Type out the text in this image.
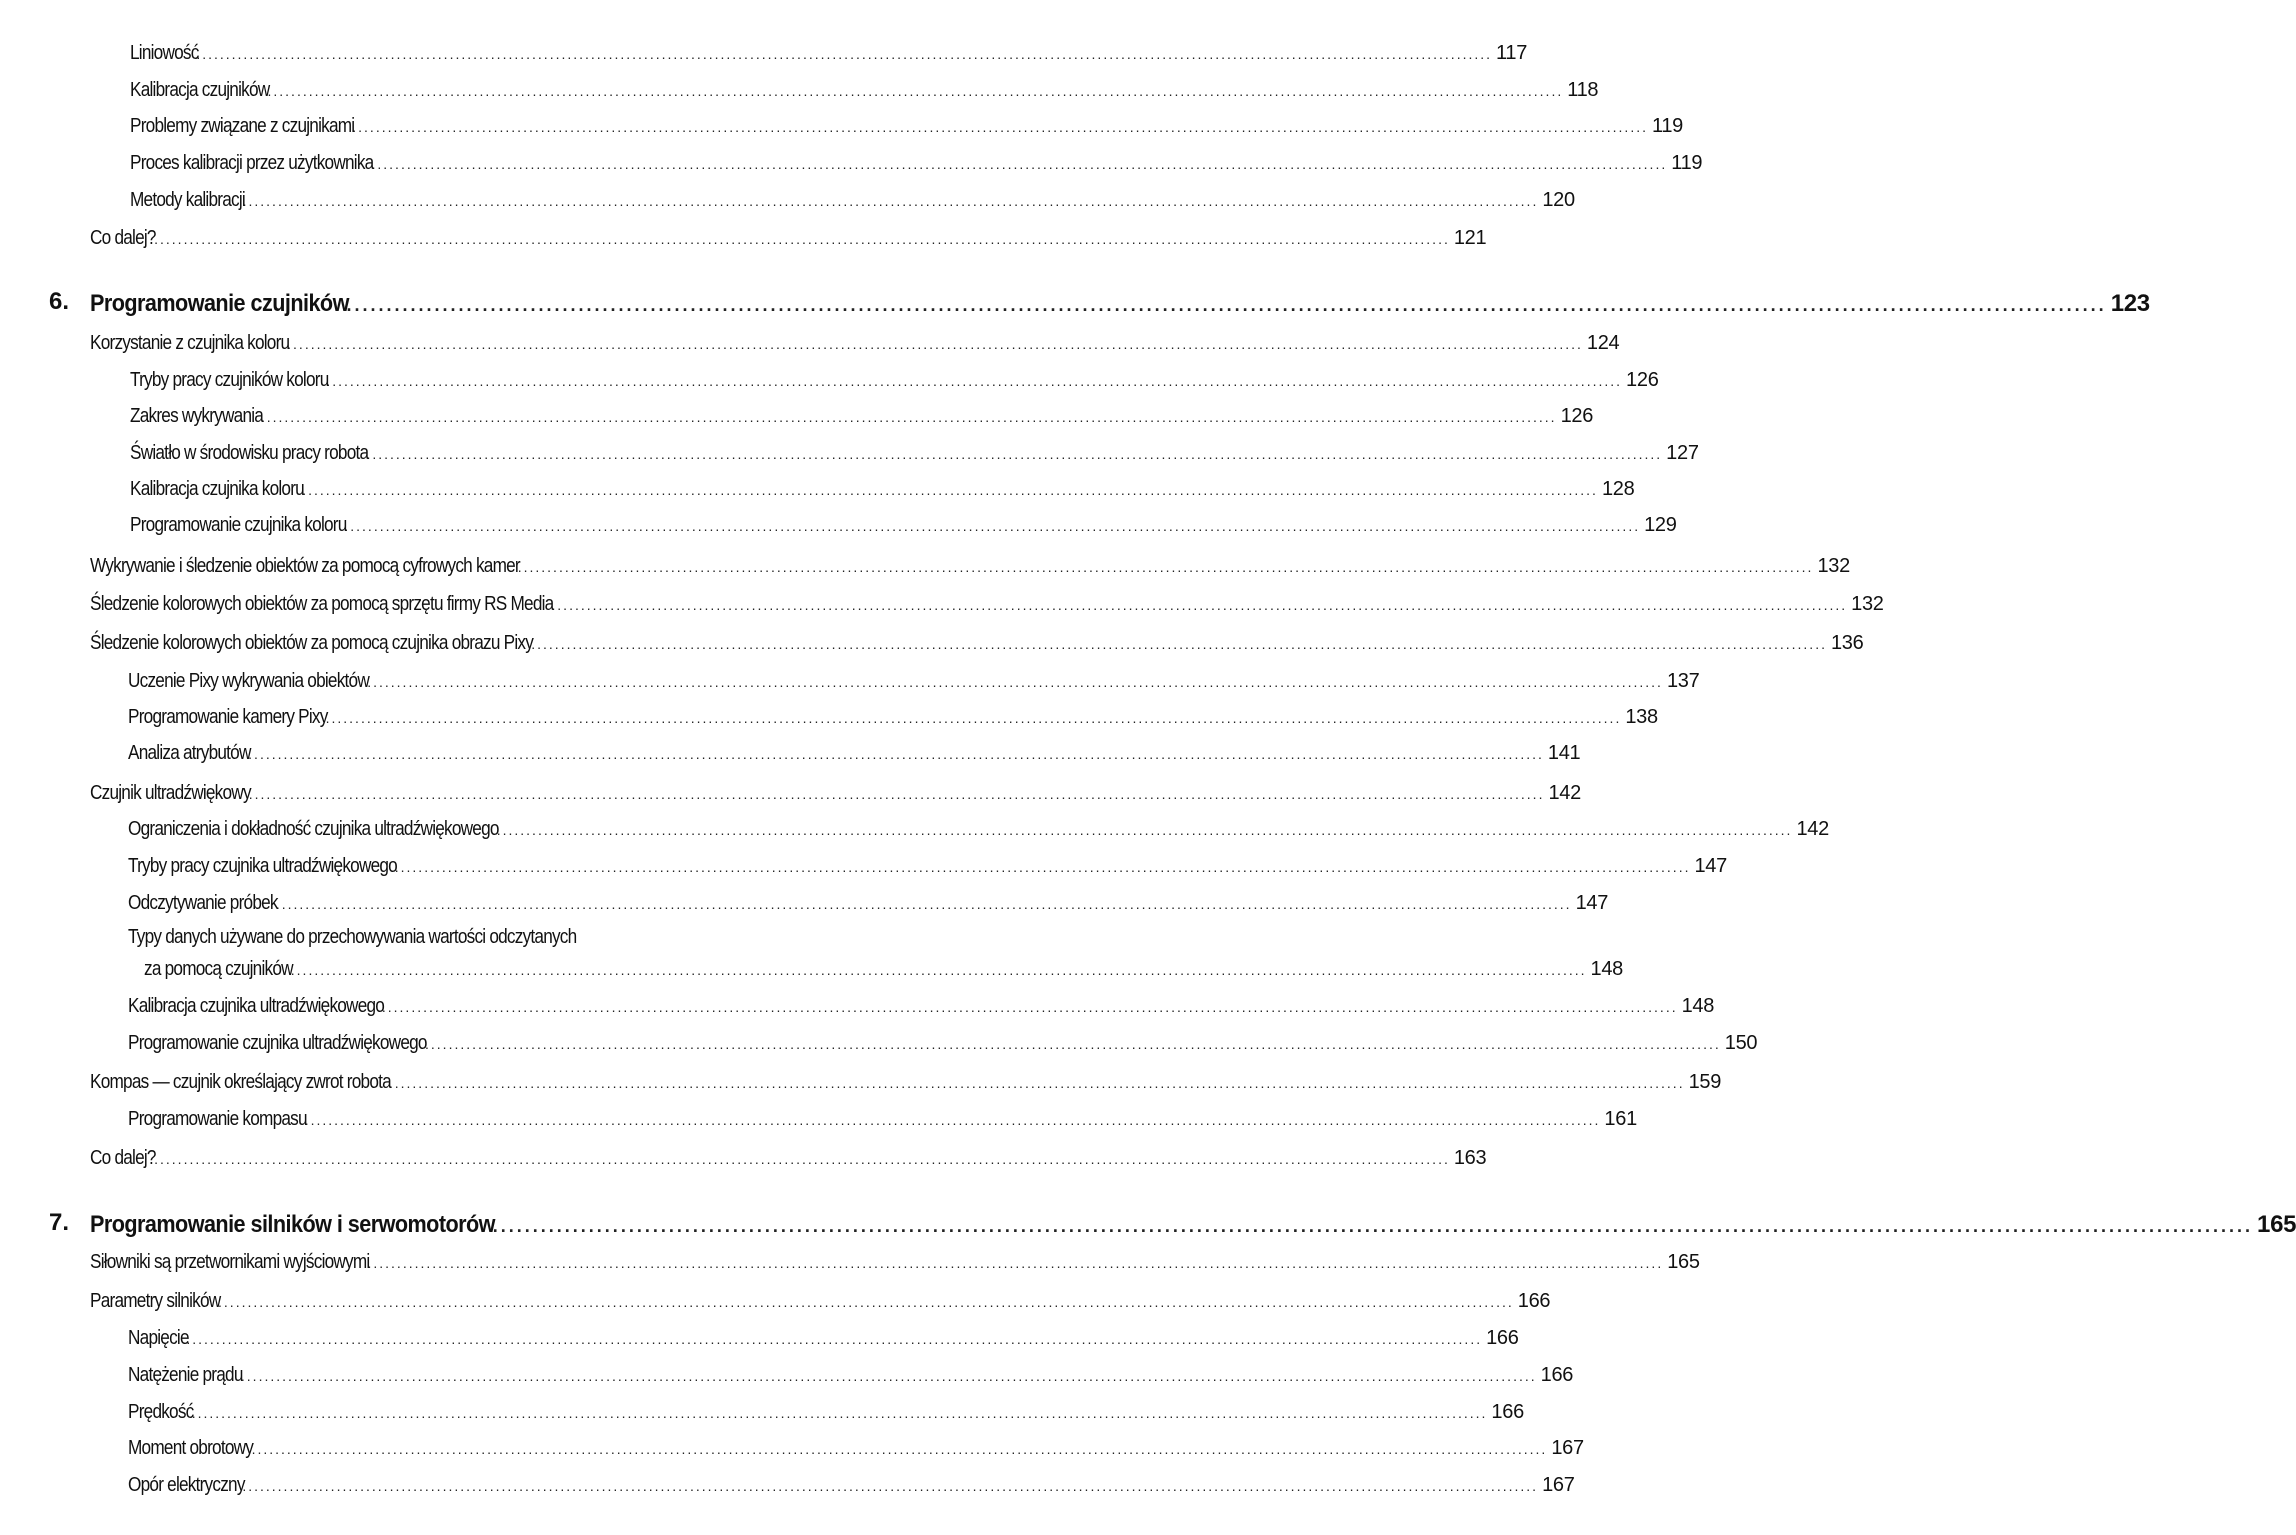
Liniowość
............................................................................................................................................................................................................................ 117
Kalibracja czujników
............................................................................................................................................................................................................................ 118
Problemy związane z czujnikami
............................................................................................................................................................................................................................ 119
Proces kalibracji przez użytkownika
............................................................................................................................................................................................................................ 119
Metody kalibracji
............................................................................................................................................................................................................................ 120
Co dalej?
............................................................................................................................................................................................................................ 121
6. Programowanie czujników
............................................................................................................................................................................................................................ 123
Korzystanie z czujnika koloru
............................................................................................................................................................................................................................ 124
Tryby pracy czujników koloru
............................................................................................................................................................................................................................ 126
Zakres wykrywania
............................................................................................................................................................................................................................ 126
Światło w środowisku pracy robota
............................................................................................................................................................................................................................ 127
Kalibracja czujnika koloru
............................................................................................................................................................................................................................ 128
Programowanie czujnika koloru
............................................................................................................................................................................................................................ 129
Wykrywanie i śledzenie obiektów za pomocą cyfrowych kamer
............................................................................................................................................................................................................................ 132
Śledzenie kolorowych obiektów za pomocą sprzętu firmy RS Media
............................................................................................................................................................................................................................ 132
Śledzenie kolorowych obiektów za pomocą czujnika obrazu Pixy
............................................................................................................................................................................................................................ 136
Uczenie Pixy wykrywania obiektów
............................................................................................................................................................................................................................ 137
Programowanie kamery Pixy
............................................................................................................................................................................................................................ 138
Analiza atrybutów
............................................................................................................................................................................................................................ 141
Czujnik ultradźwiękowy
............................................................................................................................................................................................................................ 142
Ograniczenia i dokładność czujnika ultradźwiękowego
............................................................................................................................................................................................................................ 142
Tryby pracy czujnika ultradźwiękowego
............................................................................................................................................................................................................................ 147
Odczytywanie próbek
............................................................................................................................................................................................................................ 147
Typy danych używane do przechowywania wartości odczytanych
za pomocą czujników
............................................................................................................................................................................................................................ 148
Kalibracja czujnika ultradźwiękowego
............................................................................................................................................................................................................................ 148
Programowanie czujnika ultradźwiękowego
............................................................................................................................................................................................................................ 150
Kompas — czujnik określający zwrot robota
............................................................................................................................................................................................................................ 159
Programowanie kompasu
............................................................................................................................................................................................................................ 161
Co dalej?
............................................................................................................................................................................................................................ 163
7. Programowanie silników i serwomotorów
............................................................................................................................................................................................................................ 165
Siłowniki są przetwornikami wyjściowymi
............................................................................................................................................................................................................................ 165
Parametry silników
............................................................................................................................................................................................................................ 166
Napięcie
............................................................................................................................................................................................................................ 166
Natężenie prądu
............................................................................................................................................................................................................................ 166
Prędkość
............................................................................................................................................................................................................................ 166
Moment obrotowy
............................................................................................................................................................................................................................ 167
Opór elektryczny
............................................................................................................................................................................................................................ 167
